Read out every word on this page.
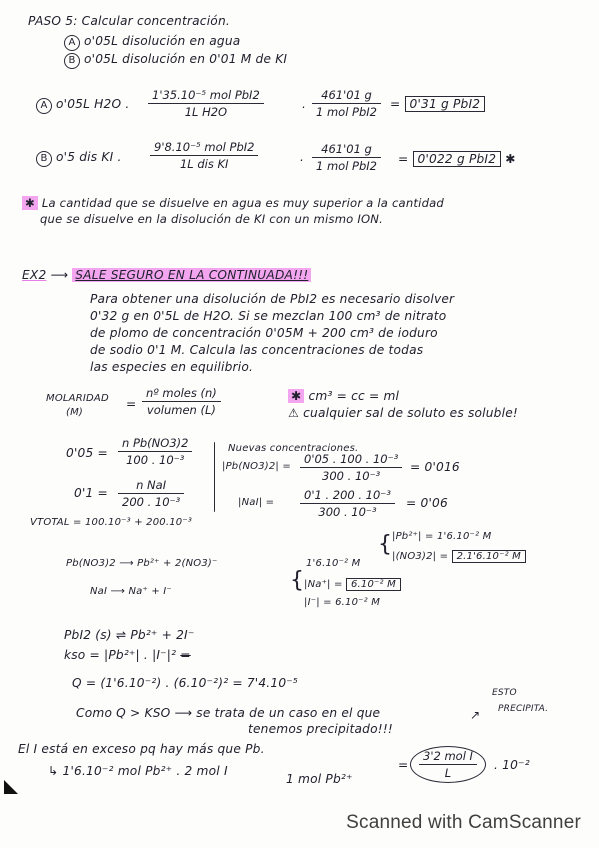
PASO 5: Calcular concentración.
A o'05L disolución en agua
B o'05L disolución en 0'01 M de KI
A o'05L H2O .
1'35.10⁻⁵ mol PbI2
1L H2O
.
461'01 g
1 mol PbI2
= 0'31 g PbI2
B o'5 dis KI .
9'8.10⁻⁵ mol PbI2
1L dis KI	.
461'01 g
1 mol PbI2	= 0'022 g PbI2 ✱
✱ La cantidad que se disuelve en agua es muy superior a la cantidad
que se disuelve en la disolución de KI con un mismo ION.
EX2 ⟶ SALE SEGURO EN LA CONTINUADA!!!
Para obtener una disolución de PbI2 es necesario disolver
0'32 g en 0'5L de H2O. Si se mezclan 100 cm³ de nitrato
de plomo de concentración 0'05M + 200 cm³ de ioduro
de sodio 0'1 M. Calcula las concentraciones de todas
las especies en equilibrio.
MOLARIDAD
(M)
=
nº moles (n)
volumen (L)
✱ cm³ = cc = ml
⚠ cualquier sal de soluto es soluble!
0'05 =
n Pb(NO3)2
100 . 10⁻³
0'1 =
n NaI
200 . 10⁻³
VTOTAL = 100.10⁻³ + 200.10⁻³
Nuevas concentraciones.
|Pb(NO3)2| =
0'05 . 100 . 10⁻³
300 . 10⁻³
= 0'016
|NaI| =
0'1 . 200 . 10⁻³
300 . 10⁻³
= 0'06
|Pb²⁺| = 1'6.10⁻² M
Pb(NO3)2 ⟶ Pb²⁺ + 2(NO3)⁻	1'6.10⁻² M
{ |(NO3)2| = 2.1'6.10⁻² M
NaI ⟶ Na⁺ + I⁻	{ |Na⁺| = 6.10⁻² M
|I⁻| = 6.10⁻² M
PbI2 (s) ⇌ Pb²⁺ + 2I⁻
kso = |Pb²⁺| . |I⁻|² =
Q = (1'6.10⁻²) . (6.10⁻²)² = 7'4.10⁻⁵
ESTO
PRECIPITA.
↗
Como Q > KSO ⟶ se trata de un caso en el que
tenemos precipitado!!!
El I está en exceso pq hay más que Pb.
↳ 1'6.10⁻² mol Pb²⁺ . 2 mol I
1 mol Pb²⁺
=
3'2 mol I
L
. 10⁻²
Scanned with CamScanner
